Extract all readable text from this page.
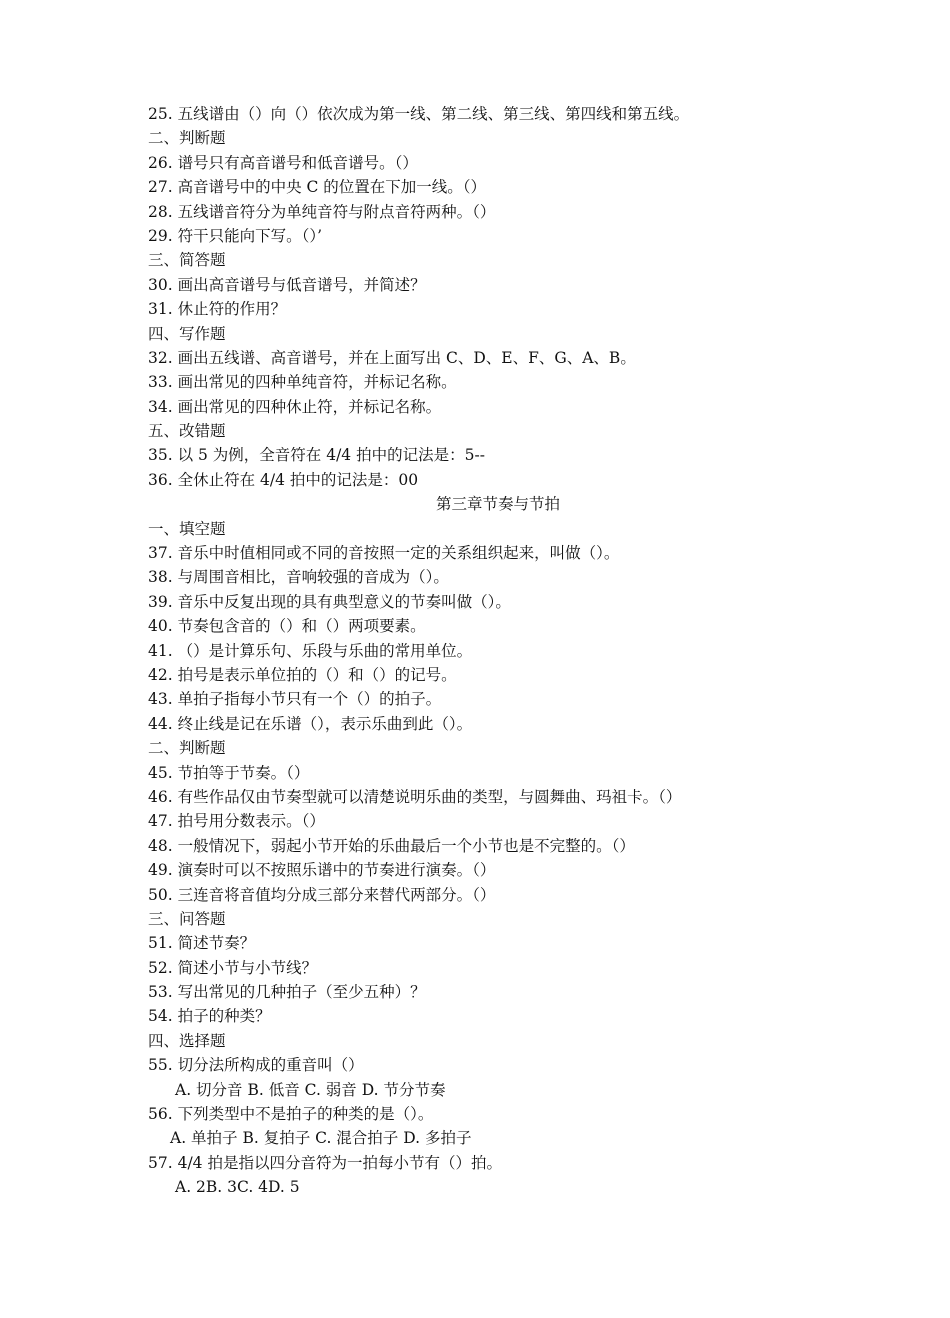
25. 五线谱由（）向（）依次成为第一线、第二线、第三线、第四线和第五线。
二、判断题
26. 谱号只有高音谱号和低音谱号。（）
27. 高音谱号中的中央 C 的位置在下加一线。（）
28. 五线谱音符分为单纯音符与附点音符两种。（）
29. 符干只能向下写。（）’
三、简答题
30. 画出高音谱号与低音谱号，并简述？
31. 休止符的作用？
四、写作题
32. 画出五线谱、高音谱号，并在上面写出 C、D、E、F、G、A、B。
33. 画出常见的四种单纯音符，并标记名称。
34. 画出常见的四种休止符，并标记名称。
五、改错题
35. 以 5 为例，全音符在 4/4 拍中的记法是：5--
36. 全休止符在 4/4 拍中的记法是：00
第三章节奏与节拍
一、填空题
37. 音乐中时值相同或不同的音按照一定的关系组织起来，叫做（）。
38. 与周围音相比，音响较强的音成为（）。
39. 音乐中反复出现的具有典型意义的节奏叫做（）。
40. 节奏包含音的（）和（）两项要素。
41. （）是计算乐句、乐段与乐曲的常用单位。
42. 拍号是表示单位拍的（）和（）的记号。
43. 单拍子指每小节只有一个（）的拍子。
44. 终止线是记在乐谱（），表示乐曲到此（）。
二、判断题
45. 节拍等于节奏。（）
46. 有些作品仅由节奏型就可以清楚说明乐曲的类型，与圆舞曲、玛祖卡。（）
47. 拍号用分数表示。（）
48. 一般情况下，弱起小节开始的乐曲最后一个小节也是不完整的。（）
49. 演奏时可以不按照乐谱中的节奏进行演奏。（）
50. 三连音将音值均分成三部分来替代两部分。（）
三、问答题
51. 简述节奏？
52. 简述小节与小节线？
53. 写出常见的几种拍子（至少五种）？
54. 拍子的种类？
四、选择题
55. 切分法所构成的重音叫（）
A. 切分音 B. 低音 C. 弱音 D. 节分节奏
56. 下列类型中不是拍子的种类的是（）。
A. 单拍子 B. 复拍子 C. 混合拍子 D. 多拍子
57. 4/4 拍是指以四分音符为一拍每小节有（）拍。
A. 2B. 3C. 4D. 5
